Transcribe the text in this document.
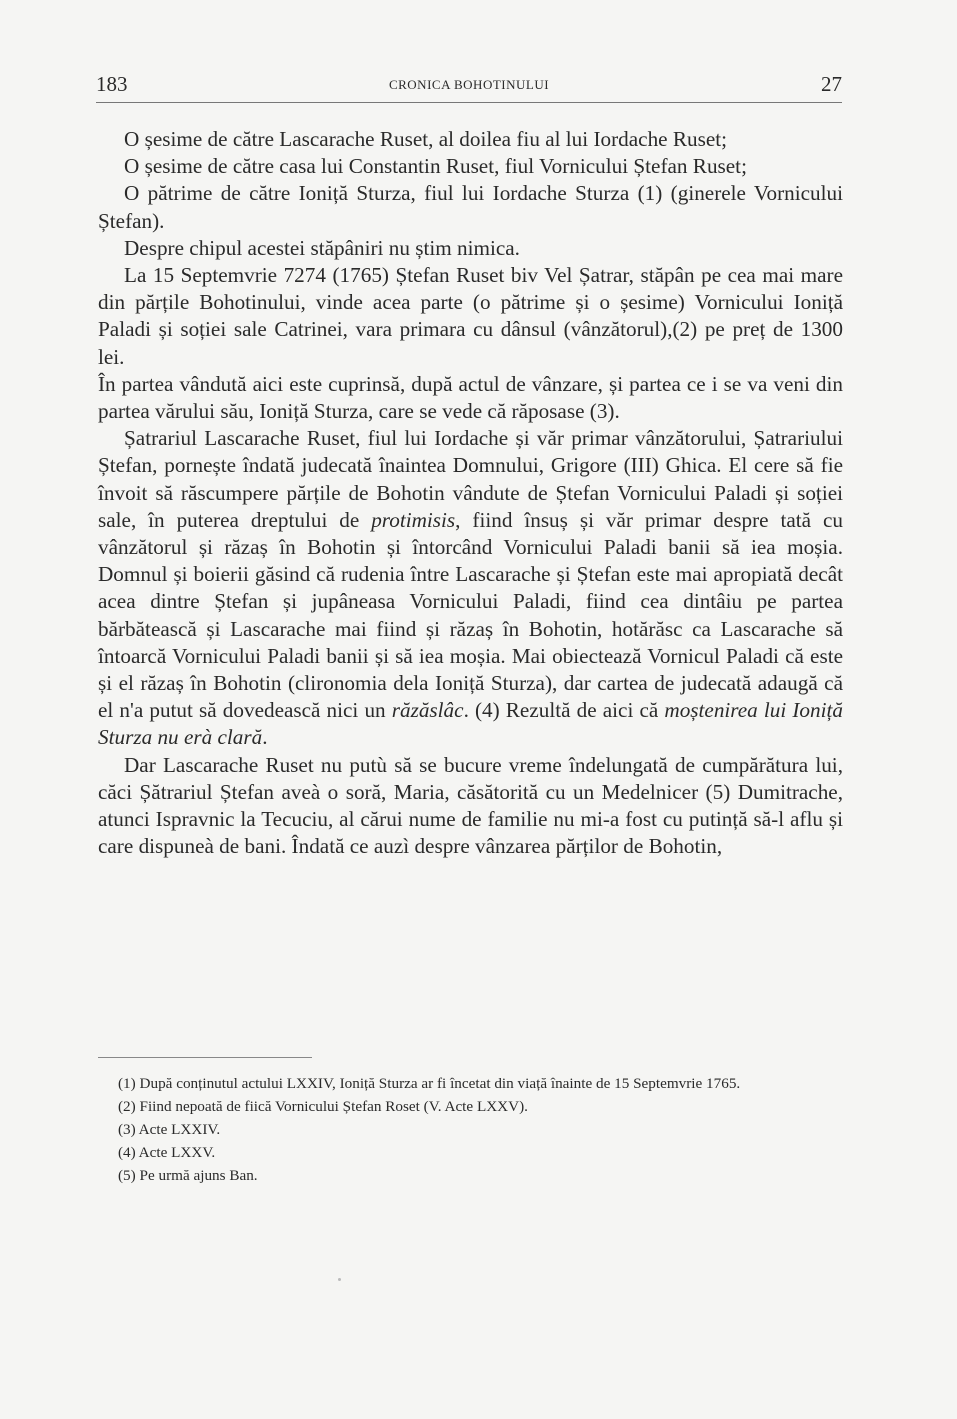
183	CRONICA BOHOTINULUI	27

O șesime de către Lascarache Ruset, al doilea fiu al lui Iordache Ruset;

O șesime de către casa lui Constantin Ruset, fiul Vornicului Ștefan Ruset;

O pătrime de către Ioniță Sturza, fiul lui Iordache Sturza (1) (ginerele Vornicului Ștefan).

Despre chipul acestei stăpâniri nu știm nimica.

La 15 Septemvrie 7274 (1765) Ștefan Ruset biv Vel Șatrar, stăpân pe cea mai mare din părțile Bohotinului, vinde acea parte (o pătrime și o șesime) Vornicului Ioniță Paladi și soției sale Catrinei, vara primara cu dânsul (vânzătorul),(2) pe preț de 1300 lei.

În partea vândută aici este cuprinsă, după actul de vânzare, și partea ce i se va veni din partea vărului său, Ioniță Sturza, care se vede că răposase (3).

Șatrariul Lascarache Ruset, fiul lui Iordache și văr primar vânzătorului, Șatrariului Ștefan, pornește îndată judecată înaintea Domnului, Grigore (III) Ghica. El cere să fie învoit să răscumpere părțile de Bohotin vândute de Ștefan Vornicului Paladi și soției sale, în puterea dreptului de protimisis, fiind însuș și văr primar despre tată cu vânzătorul și răzaș în Bohotin și întorcând Vornicului Paladi banii să iea moșia. Domnul și boierii găsind că rudenia între Lascarache și Ștefan este mai apropiată decât acea dintre Ștefan și jupâneasa Vornicului Paladi, fiind cea dintâiu pe partea bărbătească și Lascarache mai fiind și răzaș în Bohotin, hotărăsc ca Lascarache să întoarcă Vornicului Paladi banii și să iea moșia. Mai obiectează Vornicul Paladi că este și el răzaș în Bohotin (clironomia dela Ioniță Sturza), dar cartea de judecată adaugă că el n'a putut să dovedească nici un răzăslâc. (4) Rezultă de aici că moștenirea lui Ioniță Sturza nu erà clară.

Dar Lascarache Ruset nu putù să se bucure vreme îndelungată de cumpărătura lui, căci Șătrariul Ștefan aveà o soră, Maria, căsătorită cu un Medelnicer (5) Dumitrache, atunci Ispravnic la Tecuciu, al cărui nume de familie nu mi-a fost cu putință să-l aflu și care dispuneà de bani. Îndată ce auzì despre vânzarea părților de Bohotin,

(1) După conținutul actului LXXIV, Ioniță Sturza ar fi încetat din viață înainte de 15 Septemvrie 1765.

(2) Fiind nepoată de fiică Vornicului Ștefan Roset (V. Acte LXXV).

(3) Acte LXXIV.

(4) Acte LXXV.

(5) Pe urmă ajuns Ban.
